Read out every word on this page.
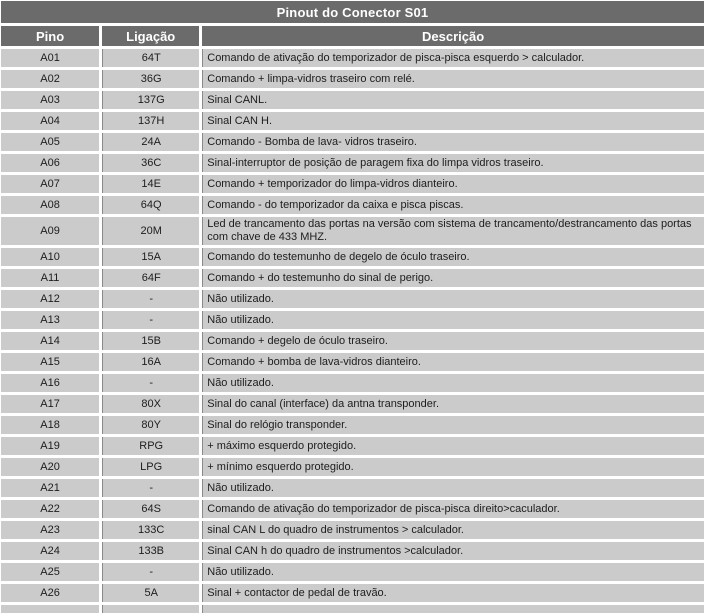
Pinout do Conector S01		
Pino	Ligação	Descrição
A01	64T	Comando de ativação do temporizador de pisca-pisca esquerdo > calculador.
A02	36G	Comando + limpa-vidros traseiro com relé.
A03	137G	Sinal CANL.
A04	137H	Sinal CAN H.
A05	24A	Comando - Bomba de lava- vidros traseiro.
A06	36C	Sinal-interruptor de posição de paragem fixa do limpa vidros traseiro.
A07	14E	Comando + temporizador do limpa-vidros dianteiro.
A08	64Q	Comando - do temporizador da caixa e pisca piscas.
A09	20M	Led de trancamento das portas na versão com sistema de trancamento/destrancamento das portas com chave de 433 MHZ.
A10	15A	Comando do testemunho de degelo de óculo traseiro.
A11	64F	Comando + do testemunho do sinal de perigo.
A12	-	Não utilizado.
A13	-	Não utilizado.
A14	15B	Comando + degelo de óculo traseiro.
A15	16A	Comando + bomba de lava-vidros dianteiro.
A16	-	Não utilizado.
A17	80X	Sinal do canal (interface) da antna transponder.
A18	80Y	Sinal do relógio transponder.
A19	RPG	+ máximo esquerdo protegido.
A20	LPG	+ mínimo esquerdo protegido.
A21	-	Não utilizado.
A22	64S	Comando de ativação do temporizador de pisca-pisca direito>caculador.
A23	133C	sinal CAN L do quadro de instrumentos > calculador.
A24	133B	Sinal CAN h do quadro de instrumentos >calculador.
A25	-	Não utilizado.
A26	5A	Sinal + contactor de pedal de travão.
